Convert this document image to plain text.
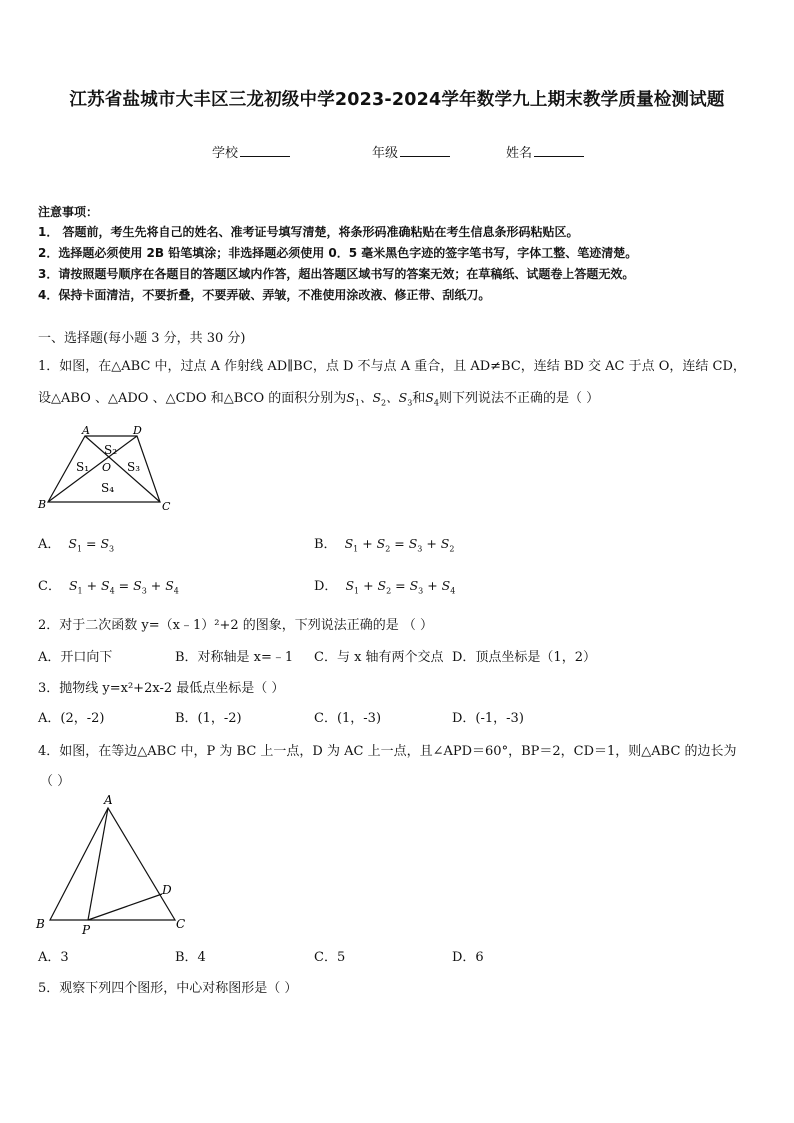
江苏省盐城市大丰区三龙初级中学2023-2024学年数学九上期末教学质量检测试题
学校	年级	姓名
注意事项：
1． 答题前，考生先将自己的姓名、准考证号填写清楚，将条形码准确粘贴在考生信息条形码粘贴区。
2．选择题必须使用 2B 铅笔填涂；非选择题必须使用 0．5 毫米黑色字迹的签字笔书写，字体工整、笔迹清楚。
3．请按照题号顺序在各题目的答题区域内作答，超出答题区域书写的答案无效；在草稿纸、试题卷上答题无效。
4．保持卡面清洁，不要折叠，不要弄破、弄皱，不准使用涂改液、修正带、刮纸刀。
一、选择题(每小题 3 分，共 30 分)
1．如图，在△ABC 中，过点 A 作射线 AD∥BC，点 D 不与点 A 重合，且 AD≠BC，连结 BD 交 AC 于点 O，连结 CD，
设△ABO 、△ADO 、△CDO 和△BCO 的面积分别为$S_1$、$S_2$、$S_3$和$S_4$则下列说法不正确的是（ ）
A	D
B	C
O
S₂
S₁	S₃
S₄
A． $S_1 = S_3$	B． $S_1 + S_2 = S_3 + S_2$
C． $S_1 + S_4 = S_3 + S_4$	D． $S_1 + S_2 = S_3 + S_4$
2．对于二次函数 y=（x﹣1）²+2 的图象，下列说法正确的是 （ ）
A．开口向下	B．对称轴是 x=﹣1 C．与 x 轴有两个交点 D．顶点坐标是（1，2）
3．抛物线 y=x²+2x-2 最低点坐标是（ ）
A．(2，-2)	B．(1，-2)	C．(1，-3)	D．(-1，-3)
4．如图，在等边△ABC 中，P 为 BC 上一点，D 为 AC 上一点，且∠APD＝60°，BP＝2，CD＝1，则△ABC 的边长为
（ ）
A
B	C
D
P
A．3	B．4	C．5	D．6
5．观察下列四个图形，中心对称图形是（ ）
